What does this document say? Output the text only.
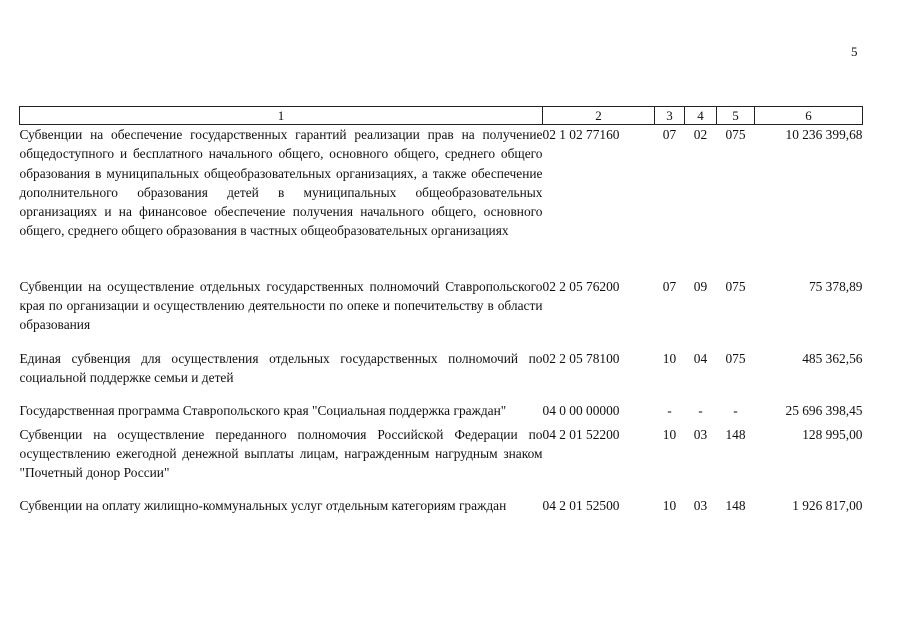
5
1	2	3	4	5	6
Субвенции на обеспечение государственных гарантий реализации прав на получение общедоступного и бесплатного начального общего, основного общего, среднего общего образования в муниципальных общеобразовательных организациях, а также обеспечение дополнительного образования детей в муниципальных общеобразовательных организациях и на финансовое обеспечение получения начального общего, основного общего, среднего общего образования в частных общеобразовательных организациях	02 1 02 77160	07	02	075	10 236 399,68

Субвенции на осуществление отдельных государственных полномочий Ставропольского края по организации и осуществлению деятельности по опеке и попечительству в области образования	02 2 05 76200	07	09	075	75 378,89

Единая субвенция для осуществления отдельных государственных полномочий по социальной поддержке семьи и детей	02 2 05 78100	10	04	075	485 362,56

Государственная программа Ставропольского края "Социальная поддержка граждан"	04 0 00 00000	-	-	-	25 696 398,45

Субвенции на осуществление переданного полномочия Российской Федерации по осуществлению ежегодной денежной выплаты лицам, награжденным нагрудным знаком "Почетный донор России"	04 2 01 52200	10	03	148	128 995,00

Субвенции на оплату жилищно-коммунальных услуг отдельным категориям граждан	04 2 01 52500	10	03	148	1 926 817,00
